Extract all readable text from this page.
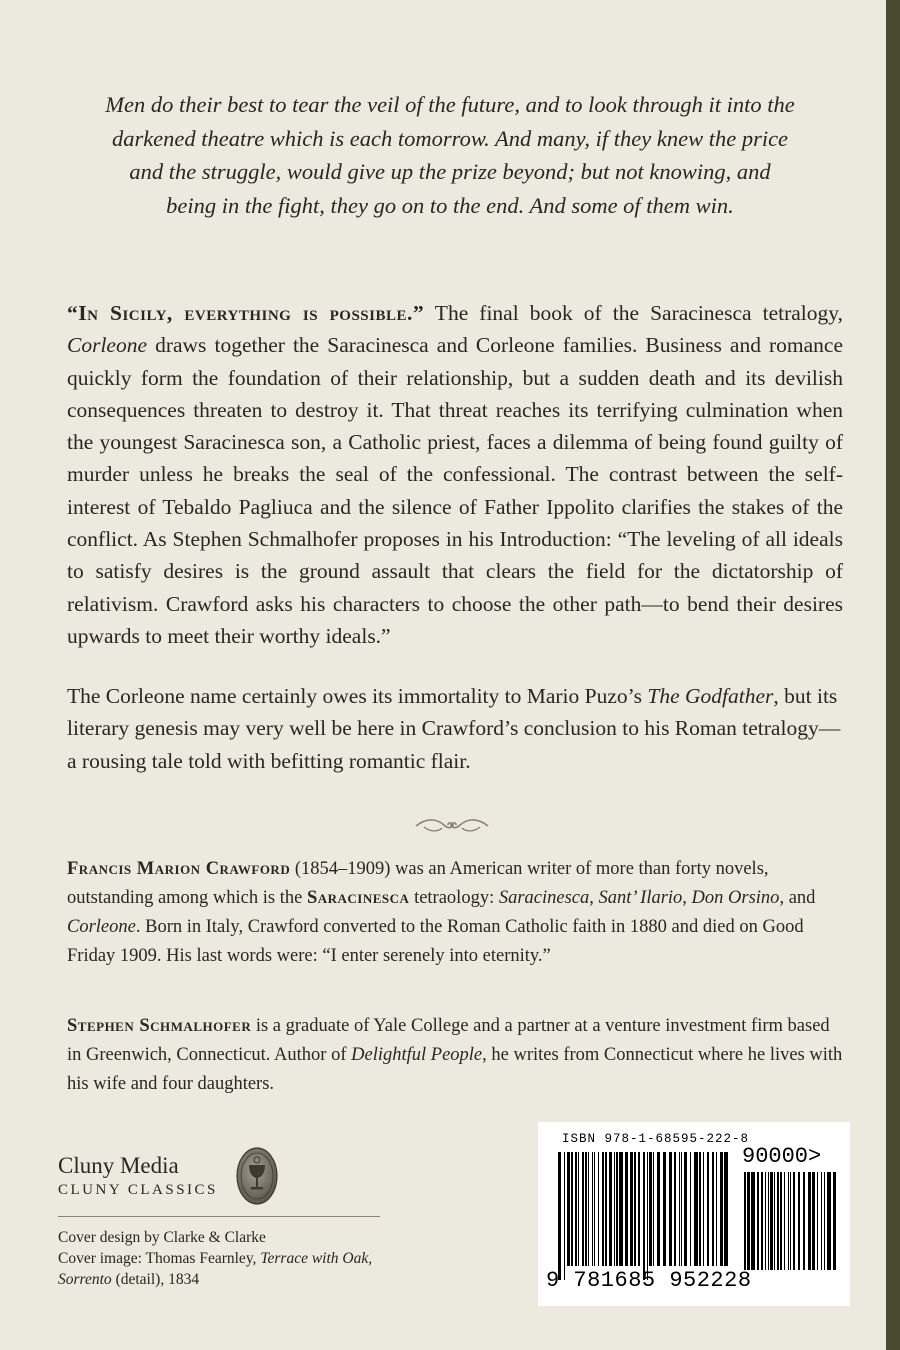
Men do their best to tear the veil of the future, and to look through it into the
darkened theatre which is each tomorrow. And many, if they knew the price
and the struggle, would give up the prize beyond; but not knowing, and
being in the fight, they go on to the end. And some of them win.

“In Sicily, everything is possible.” The final book of the Saracinesca tetralogy, Corleone draws together the Saracinesca and Corleone families. Business and romance quickly form the foundation of their relationship, but a sudden death and its devilish consequences threaten to destroy it. That threat reaches its terrifying culmination when the youngest Saracinesca son, a Catholic priest, faces a dilemma of being found guilty of murder unless he breaks the seal of the confessional. The contrast between the self-interest of Tebaldo Pagliuca and the silence of Father Ippolito clarifies the stakes of the conflict. As Stephen Schmalhofer proposes in his Introduction: “The leveling of all ideals to satisfy desires is the ground assault that clears the field for the dictatorship of relativism. Crawford asks his characters to choose the other path—to bend their desires upwards to meet their worthy ideals.”

The Corleone name certainly owes its immortality to Mario Puzo’s The Godfather, but its literary genesis may very well be here in Crawford’s conclusion to his Roman tetralogy—a rousing tale told with befitting romantic flair.

Francis Marion Crawford (1854–1909) was an American writer of more than forty novels, outstanding among which is the Saracinesca tetraology: Saracinesca, Sant’ Ilario, Don Orsino, and Corleone. Born in Italy, Crawford converted to the Roman Catholic faith in 1880 and died on Good Friday 1909. His last words were: “I enter serenely into eternity.”

Stephen Schmalhofer is a graduate of Yale College and a partner at a venture investment firm based in Greenwich, Connecticut. Author of Delightful People, he writes from Connecticut where he lives with his wife and four daughters.

Cluny Media
CLUNY CLASSICS
Cover design by Clarke & Clarke
Cover image: Thomas Fearnley, Terrace with Oak,
Sorrento (detail), 1834
ISBN 978-1-68595-222-8
90000>
9 781685 952228
